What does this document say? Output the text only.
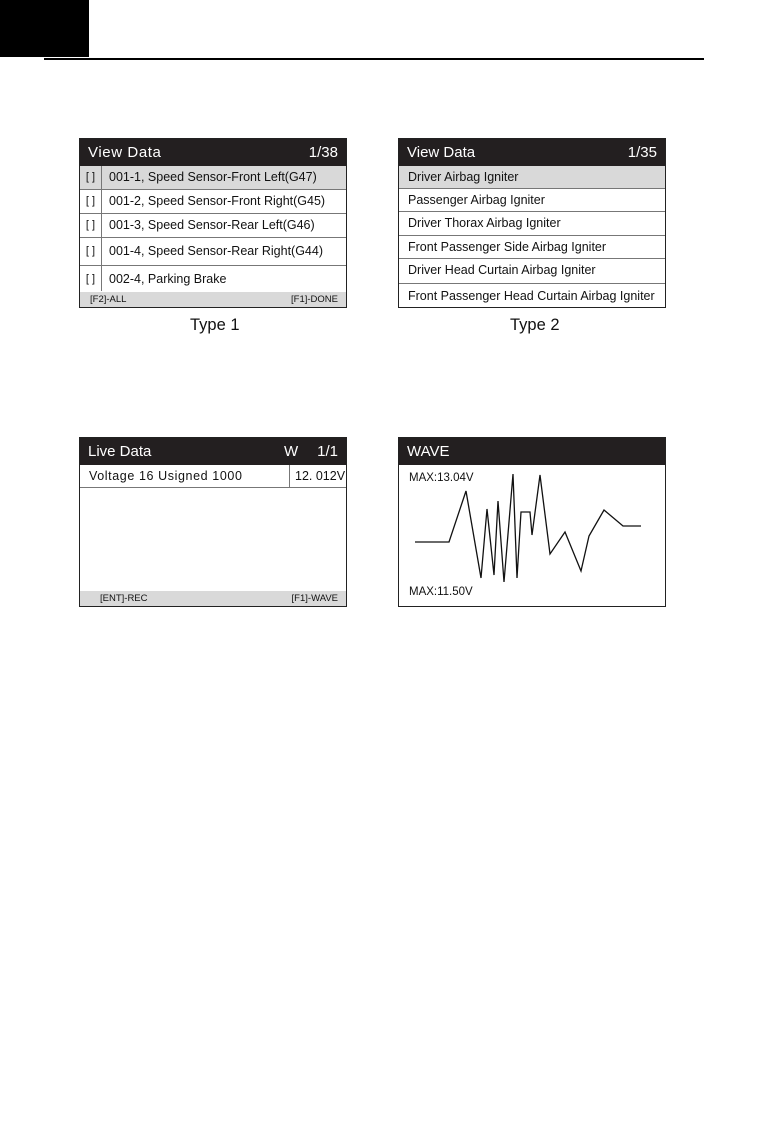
View Data	1/38
[ ]	001-1, Speed Sensor-Front Left(G47)
[ ]	001-2, Speed Sensor-Front Right(G45)
[ ]	001-3, Speed Sensor-Rear Left(G46)
[ ]	001-4, Speed Sensor-Rear Right(G44)
[ ]	002-4, Parking Brake
[F2]-ALL	[F1]-DONE
Type 1
View Data	1/35
Driver Airbag Igniter
Passenger Airbag Igniter
Driver Thorax Airbag Igniter
Front Passenger Side Airbag Igniter
Driver Head Curtain Airbag Igniter
Front Passenger Head Curtain Airbag Igniter
Type 2
Live Data	W 1/1
Voltage 16 Usigned 1000	12. 012V
[ENT]-REC	[F1]-WAVE
WAVE
MAX:13.04V
MAX:11.50V
